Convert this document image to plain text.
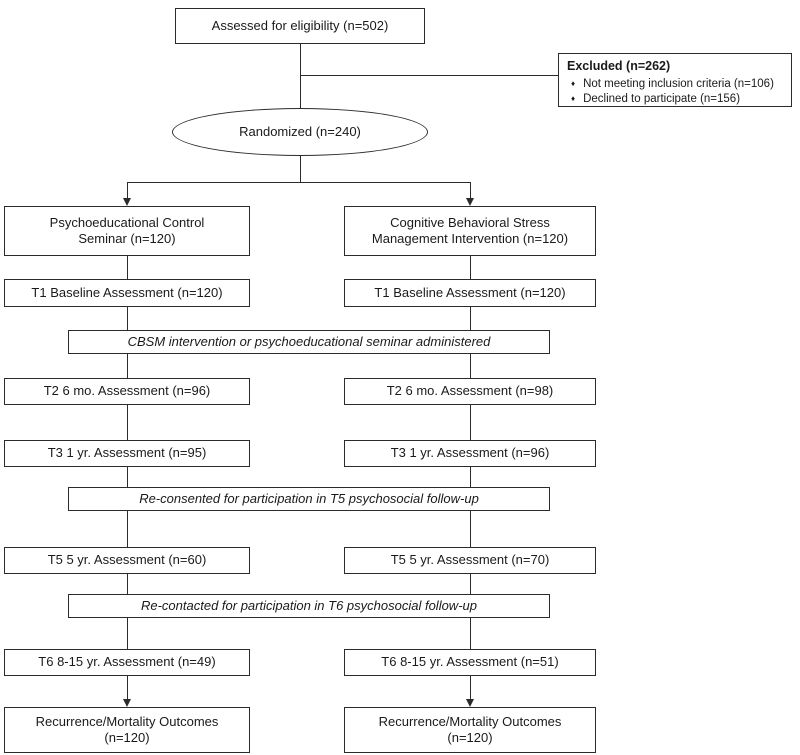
Assessed for eligibility (n=502)
Excluded (n=262)
♦ Not meeting inclusion criteria (n=106)
♦ Declined to participate (n=156)
Randomized (n=240)
Psychoeducational Control
Seminar (n=120)
Cognitive Behavioral Stress
Management Intervention (n=120)
T1 Baseline Assessment (n=120)	T1 Baseline Assessment (n=120)
CBSM intervention or psychoeducational seminar administered
T2 6 mo. Assessment (n=96)	T2 6 mo. Assessment (n=98)
T3 1 yr. Assessment (n=95)	T3 1 yr. Assessment (n=96)
Re-consented for participation in T5 psychosocial follow-up
T5 5 yr. Assessment (n=60)	T5 5 yr. Assessment (n=70)
Re-contacted for participation in T6 psychosocial follow-up
T6 8-15 yr. Assessment (n=49)	T6 8-15 yr. Assessment (n=51)
Recurrence/Mortality Outcomes
(n=120)
Recurrence/Mortality Outcomes
(n=120)
